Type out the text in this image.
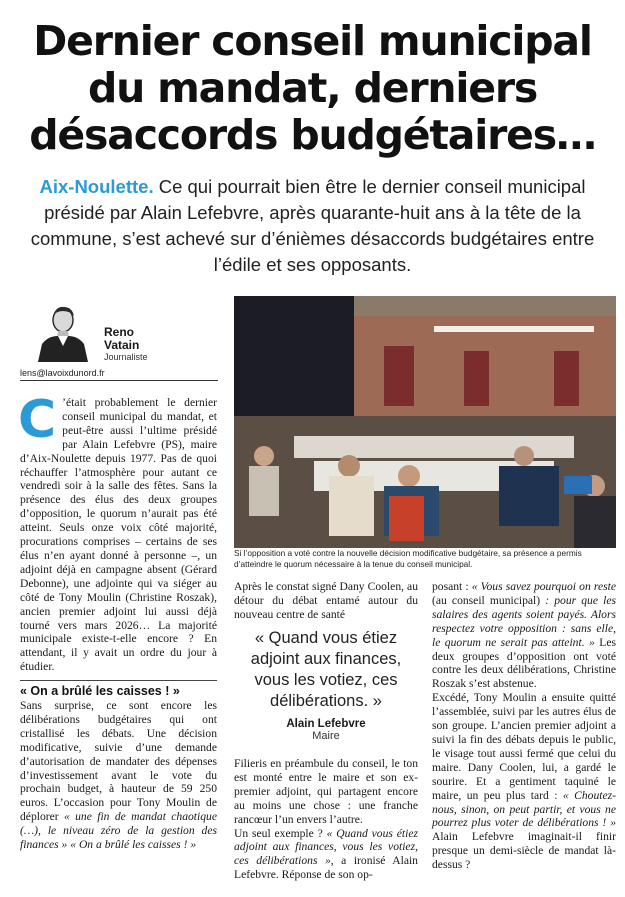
Dernier conseil municipal
du mandat, derniers
désaccords budgétaires…
Aix-Noulette. Ce qui pourrait bien être le dernier conseil municipal présidé par Alain Lefebvre, après quarante-huit ans à la tête de la commune, s’est achevé sur d’énièmes désaccords budgétaires entre l’édile et ses opposants.
Reno
Vatain
Journaliste
lens@lavoixdunord.fr
Si l’opposition a voté contre la nouvelle décision modificative budgétaire, sa présence a permis d’atteindre le quorum nécessaire à la tenue du conseil municipal.

C ’était probablement le dernier conseil municipal du mandat, et peut-être aussi l’ultime présidé par Alain Lefebvre (PS), maire d’Aix-Noulette depuis 1977. Pas de quoi réchauffer l’atmosphère pour autant ce vendredi soir à la salle des fêtes. Sans la présence des élus des deux groupes d’opposition, le quorum n’aurait pas été atteint. Seuls onze voix côté majorité, procurations comprises – certains de ses élus n’en ayant donné à personne –, un adjoint déjà en campagne absent (Gérard Debonne), une adjointe qui va siéger au côté de Tony Moulin (Christine Roszak), ancien premier adjoint lui aussi déjà tourné vers mars 2026… La majorité municipale existe-t-elle encore ? En attendant, il y avait un ordre du jour à étudier.

« On a brûlé les caisses ! »

Sans surprise, ce sont encore les délibérations budgétaires qui ont cristallisé les débats. Une décision modificative, suivie d’une demande d’autorisation de mandater des dépenses d’investissement avant le vote du prochain budget, à hauteur de 59 250 euros. L’occasion pour Tony Moulin de déplorer « une fin de mandat chaotique (…), le niveau zéro de la gestion des finances » « On a brûlé les caisses ! »

Après le constat signé Dany Coolen, au détour du débat entamé autour du nouveau centre de santé

« Quand vous étiez adjoint aux finances, vous les votiez, ces délibérations. »
Alain Lefebvre
Maire

Filieris en préambule du conseil, le ton est monté entre le maire et son ex-premier adjoint, qui partagent encore au moins une chose : une franche rancœur l’un envers l’autre.

Un seul exemple ? « Quand vous étiez adjoint aux finances, vous les votiez, ces délibérations », a ironisé Alain Lefebvre. Réponse de son op-

posant : « Vous savez pourquoi on reste (au conseil municipal) : pour que les salaires des agents soient payés. Alors respectez votre opposition : sans elle, le quorum ne serait pas atteint. » Les deux groupes d’opposition ont voté contre les deux délibérations, Christine Roszak s’est abstenue.

Excédé, Tony Moulin a ensuite quitté l’assemblée, suivi par les autres élus de son groupe. L’ancien premier adjoint a suivi la fin des débats depuis le public, le visage tout aussi fermé que celui du maire. Dany Coolen, lui, a gardé le sourire. Et a gentiment taquiné le maire, un peu plus tard : « Choutez-nous, sinon, on peut partir, et vous ne pourrez plus voter de délibérations ! » Alain Lefebvre imaginait-il finir presque un demi-siècle de mandat là-dessus ?
